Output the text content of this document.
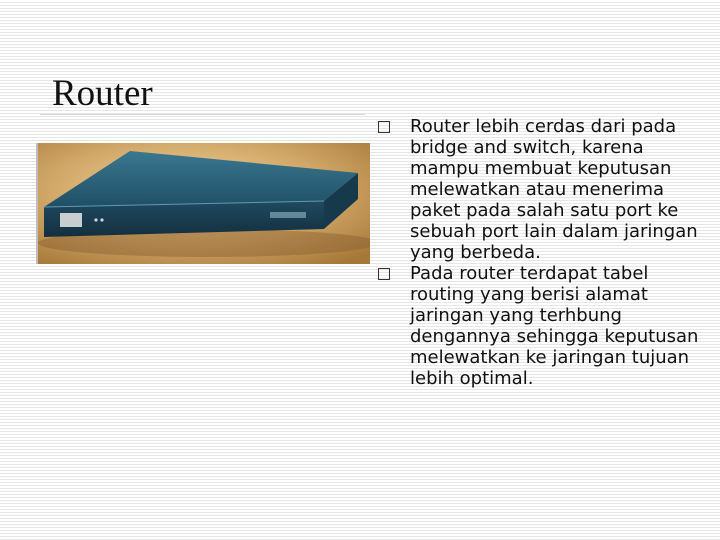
Router
Router lebih cerdas dari pada bridge and switch, karena mampu membuat keputusan melewatkan atau menerima paket pada salah satu port ke sebuah port lain dalam jaringan yang berbeda.
Pada router terdapat tabel routing yang berisi alamat jaringan yang terhbung dengannya sehingga keputusan melewatkan ke jaringan tujuan lebih optimal.
